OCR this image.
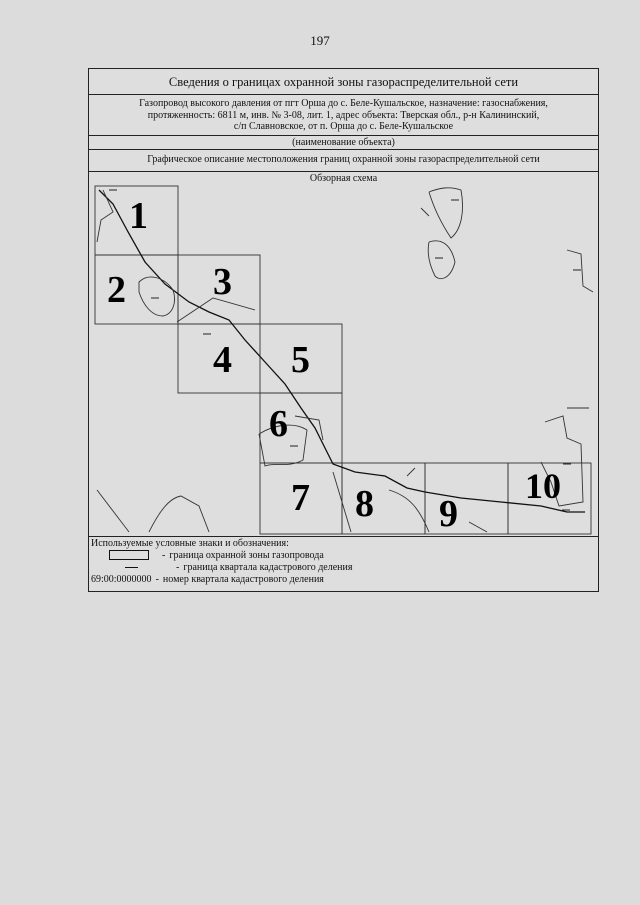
197
Сведения о границах охранной зоны газораспределительной сети
Газопровод высокого давления от пгт Орша до с. Беле-Кушальское, назначение: газоснабжения,
протяженность: 6811 м, инв. № 3-08, лит. 1, адрес объекта: Тверская обл., р-н Калининский,
с/п Славновское, от п. Орша до с. Беле-Кушальское
(наименование объекта)
Графическое описание местоположения границ охранной зоны газораспределительной сети
Обзорная схема
1
2 3
4 5
6
7 8 9
10
Используемые условные знаки и обозначения:
- граница охранной зоны газопровода
- граница квартала кадастрового деления
69:00:0000000 - номер квартала кадастрового деления
